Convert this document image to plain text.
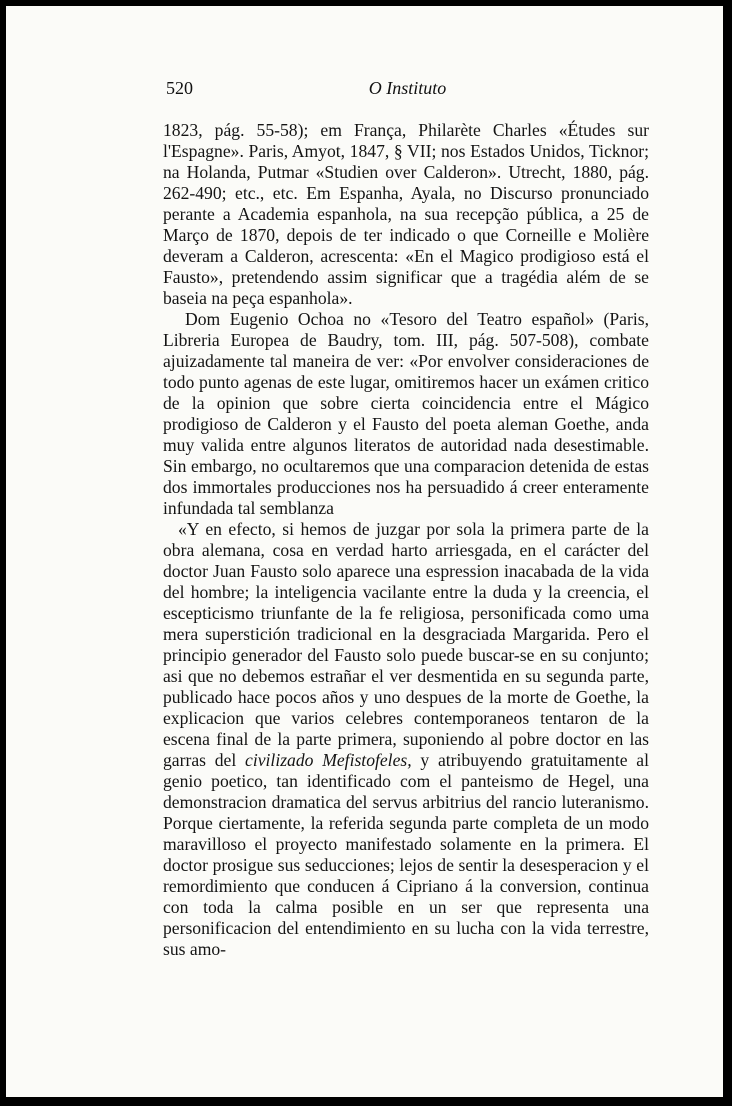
520	O Instituto

1823, pág. 55-58); em França, Philarète Charles «Études sur l'Espagne». Paris, Amyot, 1847, § VII; nos Estados Unidos, Ticknor; na Holanda, Putmar «Studien over Calderon». Utrecht, 1880, pág. 262-490; etc., etc. Em Espanha, Ayala, no Discurso pronunciado perante a Academia espanhola, na sua recepção pública, a 25 de Março de 1870, depois de ter indicado o que Corneille e Molière deveram a Calderon, acrescenta: «En el Magico prodigioso está el Fausto», pretendendo assim significar que a tragédia além de se baseia na peça espanhola».

Dom Eugenio Ochoa no «Tesoro del Teatro español» (Paris, Libreria Europea de Baudry, tom. III, pág. 507-508), combate ajuizadamente tal maneira de ver: «Por envolver consideraciones de todo punto agenas de este lugar, omitiremos hacer un exámen critico de la opinion que sobre cierta coincidencia entre el Mágico prodigioso de Calderon y el Fausto del poeta aleman Goethe, anda muy valida entre algunos literatos de autoridad nada desestimable. Sin embargo, no ocultaremos que una comparacion detenida de estas dos immortales producciones nos ha persuadido á creer enteramente infundada tal semblanza

«Y en efecto, si hemos de juzgar por sola la primera parte de la obra alemana, cosa en verdad harto arriesgada, en el carácter del doctor Juan Fausto solo aparece una espression inacabada de la vida del hombre; la inteligencia vacilante entre la duda y la creencia, el escepticismo triunfante de la fe religiosa, personificada como uma mera superstición tradicional en la desgraciada Margarida. Pero el principio generador del Fausto solo puede buscar-se en su conjunto; asi que no debemos estrañar el ver desmentida en su segunda parte, publicado hace pocos años y uno despues de la morte de Goethe, la explicacion que varios celebres contemporaneos tentaron de la escena final de la parte primera, suponiendo al pobre doctor en las garras del civilizado Mefistofeles, y atribuyendo gratuitamente al genio poetico, tan identificado com el panteismo de Hegel, una demonstracion dramatica del servus arbitrius del rancio luteranismo. Porque ciertamente, la referida segunda parte completa de un modo maravilloso el proyecto manifestado solamente en la primera. El doctor prosigue sus seducciones; lejos de sentir la desesperacion y el remordimiento que conducen á Cipriano á la conversion, continua con toda la calma posible en un ser que representa una personificacion del entendimiento en su lucha con la vida terrestre, sus amo-
